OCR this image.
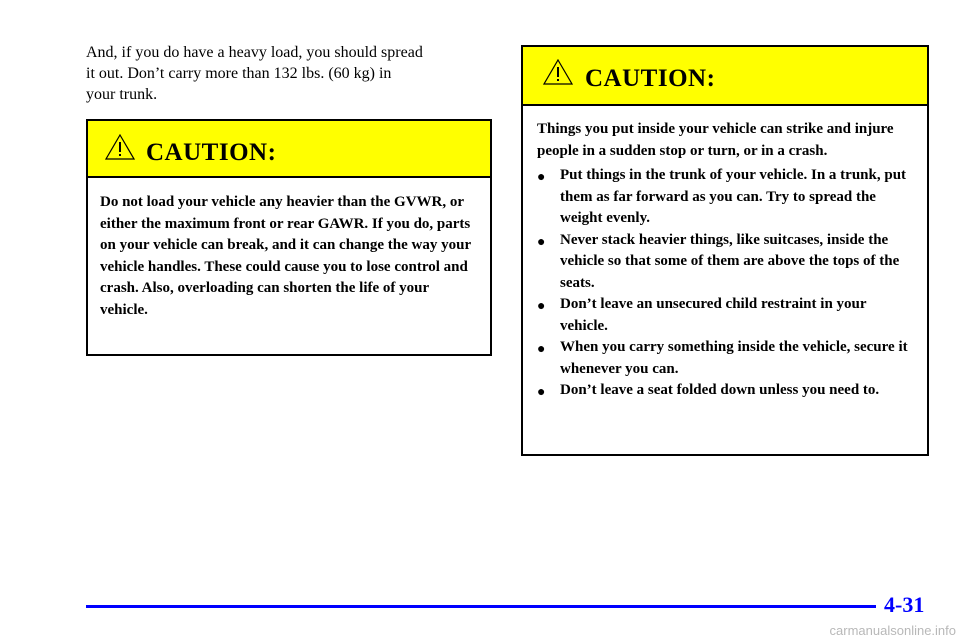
And, if you do have a heavy load, you should spread
it out. Don’t carry more than 132 lbs. (60 kg) in
your trunk.
CAUTION:
Do not load your vehicle any heavier than the GVWR, or either the maximum front or rear GAWR. If you do, parts on your vehicle can break, and it can change the way your vehicle handles. These could cause you to lose control and crash. Also, overloading can shorten the life of your vehicle.
CAUTION:
Things you put inside your vehicle can strike and injure people in a sudden stop or turn, or in a crash.
● Put things in the trunk of your vehicle. In a trunk, put them as far forward as you can. Try to spread the weight evenly.
● Never stack heavier things, like suitcases, inside the vehicle so that some of them are above the tops of the seats.
● Don’t leave an unsecured child restraint in your vehicle.
● When you carry something inside the vehicle, secure it whenever you can.
● Don’t leave a seat folded down unless you need to.
4-31
carmanualsonline.info
